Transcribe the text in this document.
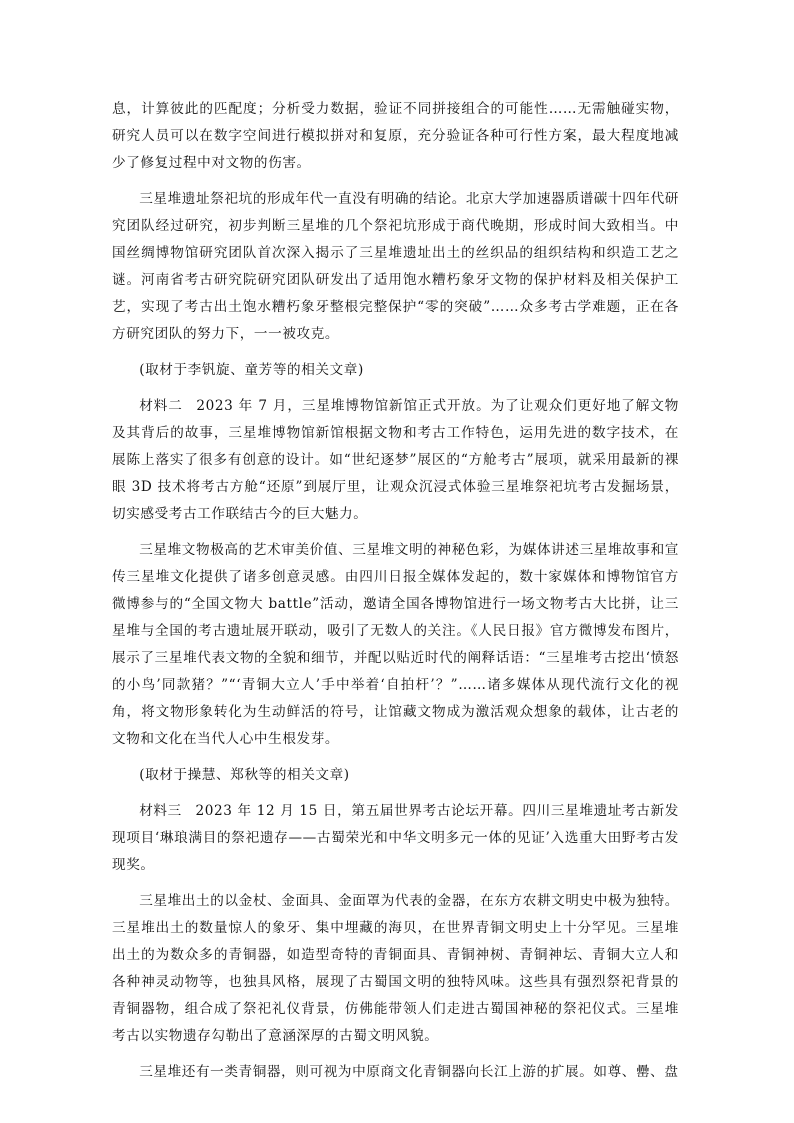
息，计算彼此的匹配度；分析受力数据，验证不同拼接组合的可能性……无需触碰实物，研究人员可以在数字空间进行模拟拼对和复原，充分验证各种可行性方案，最大程度地减少了修复过程中对文物的伤害。

三星堆遗址祭祀坑的形成年代一直没有明确的结论。北京大学加速器质谱碳十四年代研究团队经过研究，初步判断三星堆的几个祭祀坑形成于商代晚期，形成时间大致相当。中国丝绸博物馆研究团队首次深入揭示了三星堆遗址出土的丝织品的组织结构和织造工艺之谜。河南省考古研究院研究团队研发出了适用饱水糟朽象牙文物的保护材料及相关保护工艺，实现了考古出土饱水糟朽象牙整根完整保护“零的突破”……众多考古学难题，正在各方研究团队的努力下，一一被攻克。

(取材于李钒旋、童芳等的相关文章)

材料二 2023 年 7 月，三星堆博物馆新馆正式开放。为了让观众们更好地了解文物及其背后的故事，三星堆博物馆新馆根据文物和考古工作特色，运用先进的数字技术，在展陈上落实了很多有创意的设计。如“世纪逐梦”展区的“方舱考古”展项，就采用最新的裸眼 3D 技术将考古方舱“还原”到展厅里，让观众沉浸式体验三星堆祭祀坑考古发掘场景，切实感受考古工作联结古今的巨大魅力。

三星堆文物极高的艺术审美价值、三星堆文明的神秘色彩，为媒体讲述三星堆故事和宣传三星堆文化提供了诸多创意灵感。由四川日报全媒体发起的，数十家媒体和博物馆官方微博参与的“全国文物大 battle”活动，邀请全国各博物馆进行一场文物考古大比拼，让三星堆与全国的考古遗址展开联动，吸引了无数人的关注。《人民日报》官方微博发布图片，展示了三星堆代表文物的全貌和细节，并配以贴近时代的阐释话语：“三星堆考古挖出‘愤怒的小鸟’同款猪？”“‘青铜大立人’手中举着‘自拍杆’？”……诸多媒体从现代流行文化的视角，将文物形象转化为生动鲜活的符号，让馆藏文物成为激活观众想象的载体，让古老的文物和文化在当代人心中生根发芽。

(取材于操慧、郑秋等的相关文章)

材料三 2023 年 12 月 15 日，第五届世界考古论坛开幕。四川三星堆遗址考古新发现项目‘琳琅满目的祭祀遗存——古蜀荣光和中华文明多元一体的见证’入选重大田野考古发现奖。

三星堆出土的以金杖、金面具、金面罩为代表的金器，在东方农耕文明史中极为独特。三星堆出土的数量惊人的象牙、集中埋藏的海贝，在世界青铜文明史上十分罕见。三星堆出土的为数众多的青铜器，如造型奇特的青铜面具、青铜神树、青铜神坛、青铜大立人和各种神灵动物等，也独具风格，展现了古蜀国文明的独特风味。这些具有强烈祭祀背景的青铜器物，组合成了祭祀礼仪背景，仿佛能带领人们走进古蜀国神秘的祭祀仪式。三星堆考古以实物遗存勾勒出了意涵深厚的古蜀文明风貌。

三星堆还有一类青铜器，则可视为中原商文化青铜器向长江上游的扩展。如尊、罍、盘
